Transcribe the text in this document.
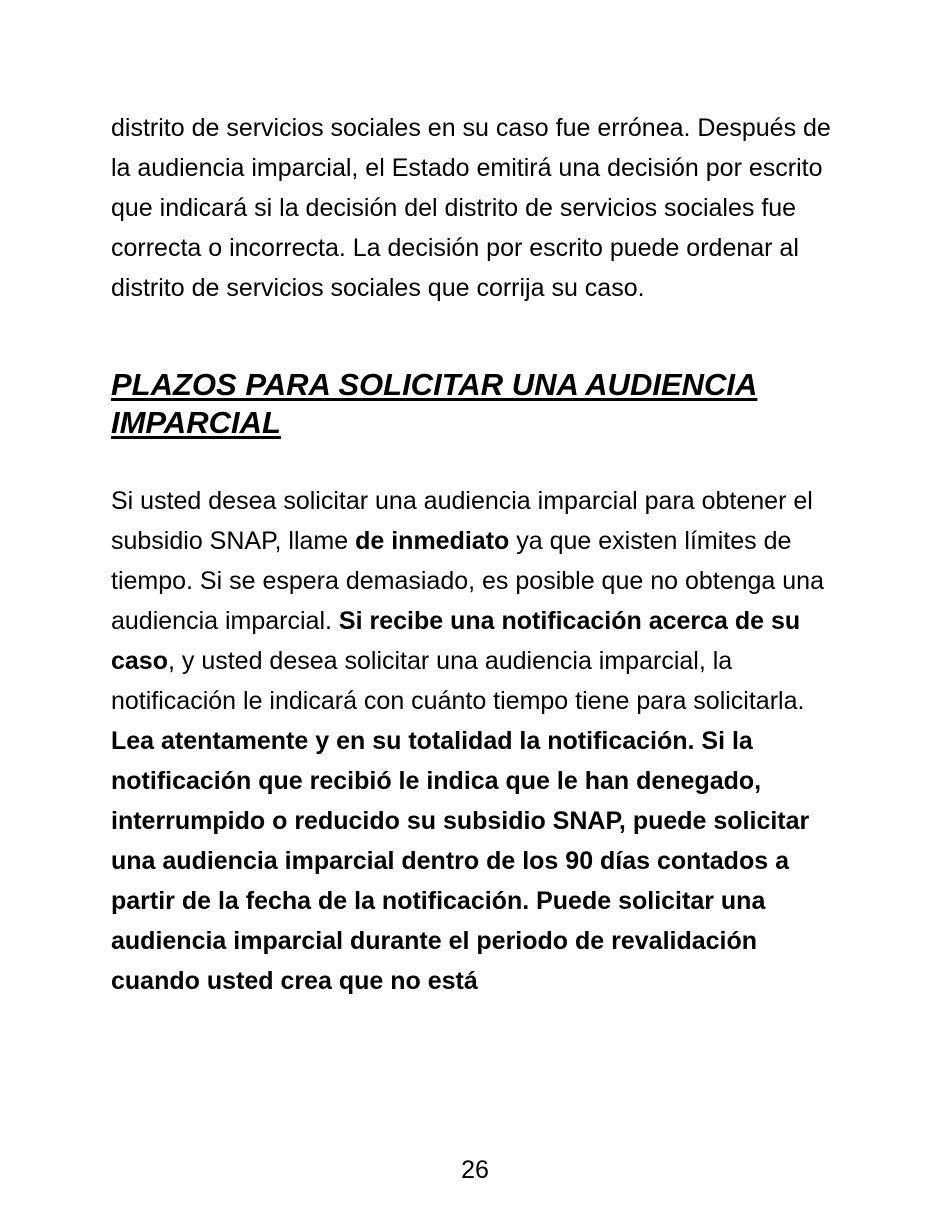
distrito de servicios sociales en su caso fue errónea. Después de la audiencia imparcial, el Estado emitirá una decisión por escrito que indicará si la decisión del distrito de servicios sociales fue correcta o incorrecta. La decisión por escrito puede ordenar al distrito de servicios sociales que corrija su caso.

PLAZOS PARA SOLICITAR UNA AUDIENCIA IMPARCIAL

Si usted desea solicitar una audiencia imparcial para obtener el subsidio SNAP, llame de inmediato ya que existen límites de tiempo. Si se espera demasiado, es posible que no obtenga una audiencia imparcial. Si recibe una notificación acerca de su caso, y usted desea solicitar una audiencia imparcial, la notificación le indicará con cuánto tiempo tiene para solicitarla. Lea atentamente y en su totalidad la notificación. Si la notificación que recibió le indica que le han denegado, interrumpido o reducido su subsidio SNAP, puede solicitar una audiencia imparcial dentro de los 90 días contados a partir de la fecha de la notificación. Puede solicitar una audiencia imparcial durante el periodo de revalidación cuando usted crea que no está

26
